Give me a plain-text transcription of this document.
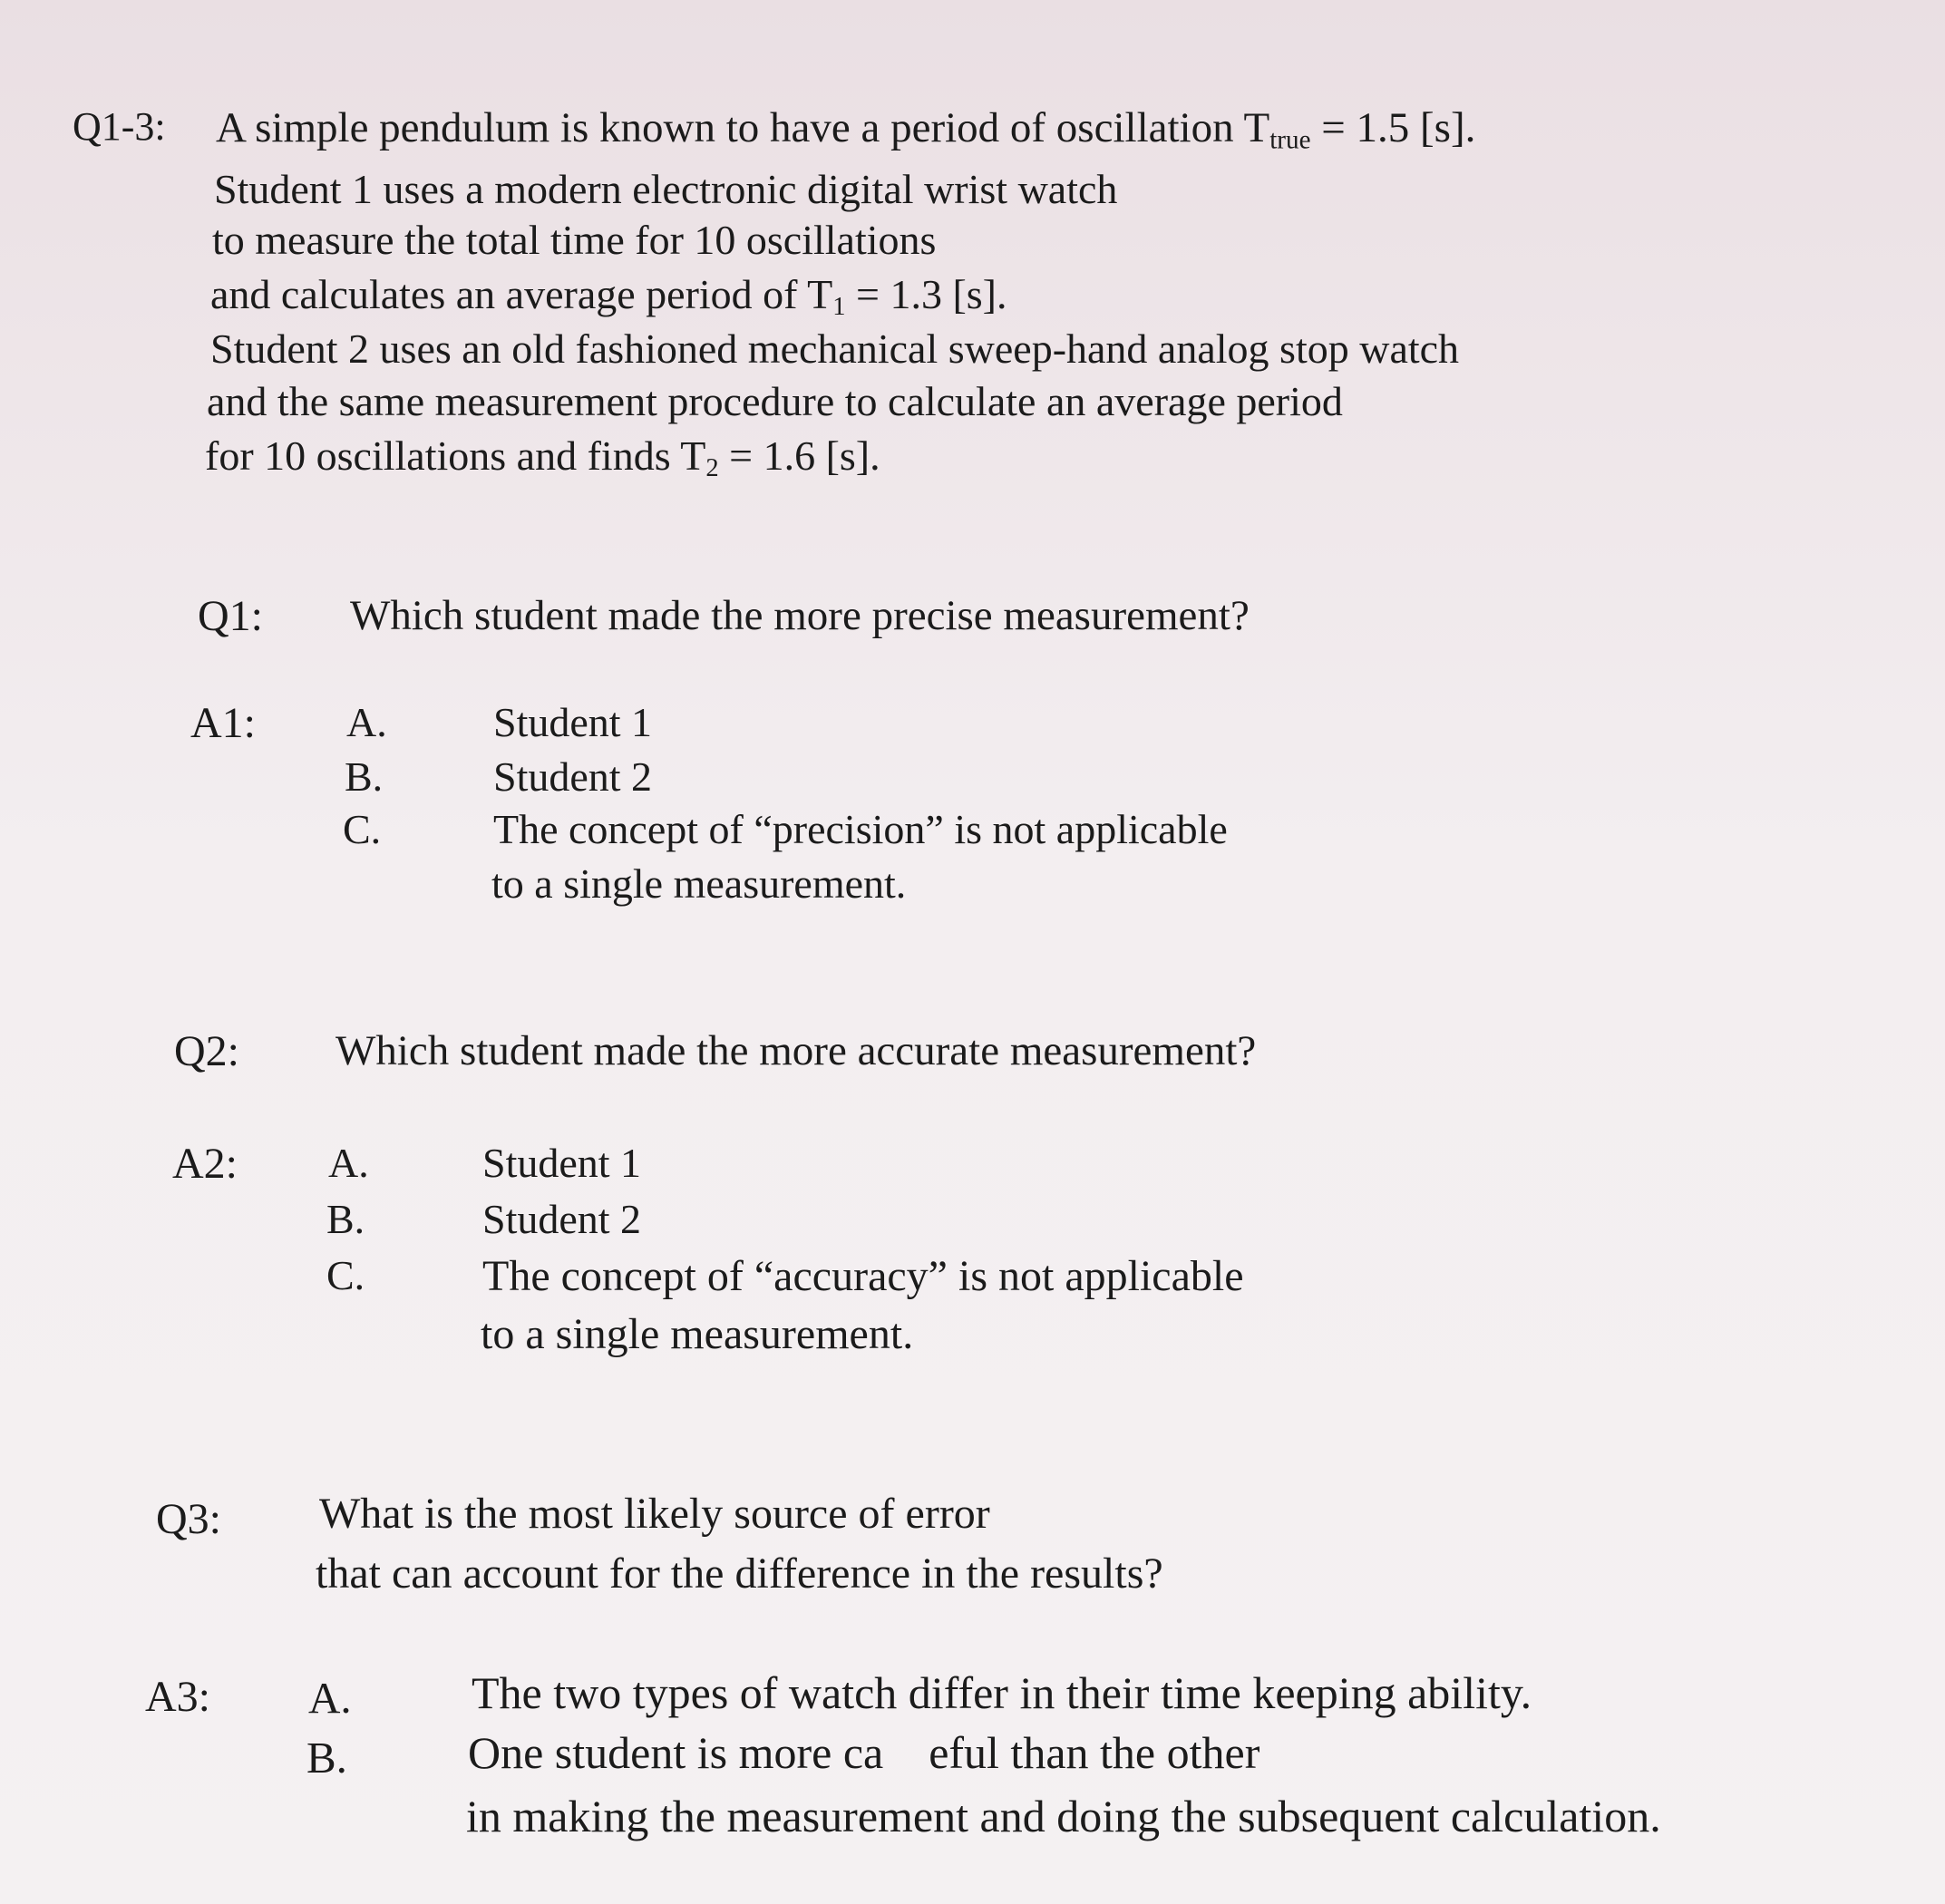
Q1-3: A simple pendulum is known to have a period of oscillation $T_{true} = 1.5$ [s].
Student 1 uses a modern electronic digital wrist watch
to measure the total time for 10 oscillations
and calculates an average period of $T_1 = 1.3$ [s].
Student 2 uses an old fashioned mechanical sweep-hand analog stop watch
and the same measurement procedure to calculate an average period
for 10 oscillations and finds $T_2 = 1.6$ [s].
Q1: Which student made the more precise measurement?
A1: A.	Student 1
B.	Student 2
C.	The concept of “precision” is not applicable
to a single measurement.
Q2: Which student made the more accurate measurement?
A2: A.	Student 1
B.	Student 2
C.	The concept of “accuracy” is not applicable
to a single measurement.
Q3: What is the most likely source of error
that can account for the difference in the results?
A3: A.	The two types of watch differ in their time keeping ability.
B.	One student is more ca　eful than the other
in making the measurement and doing the subsequent calculation.
